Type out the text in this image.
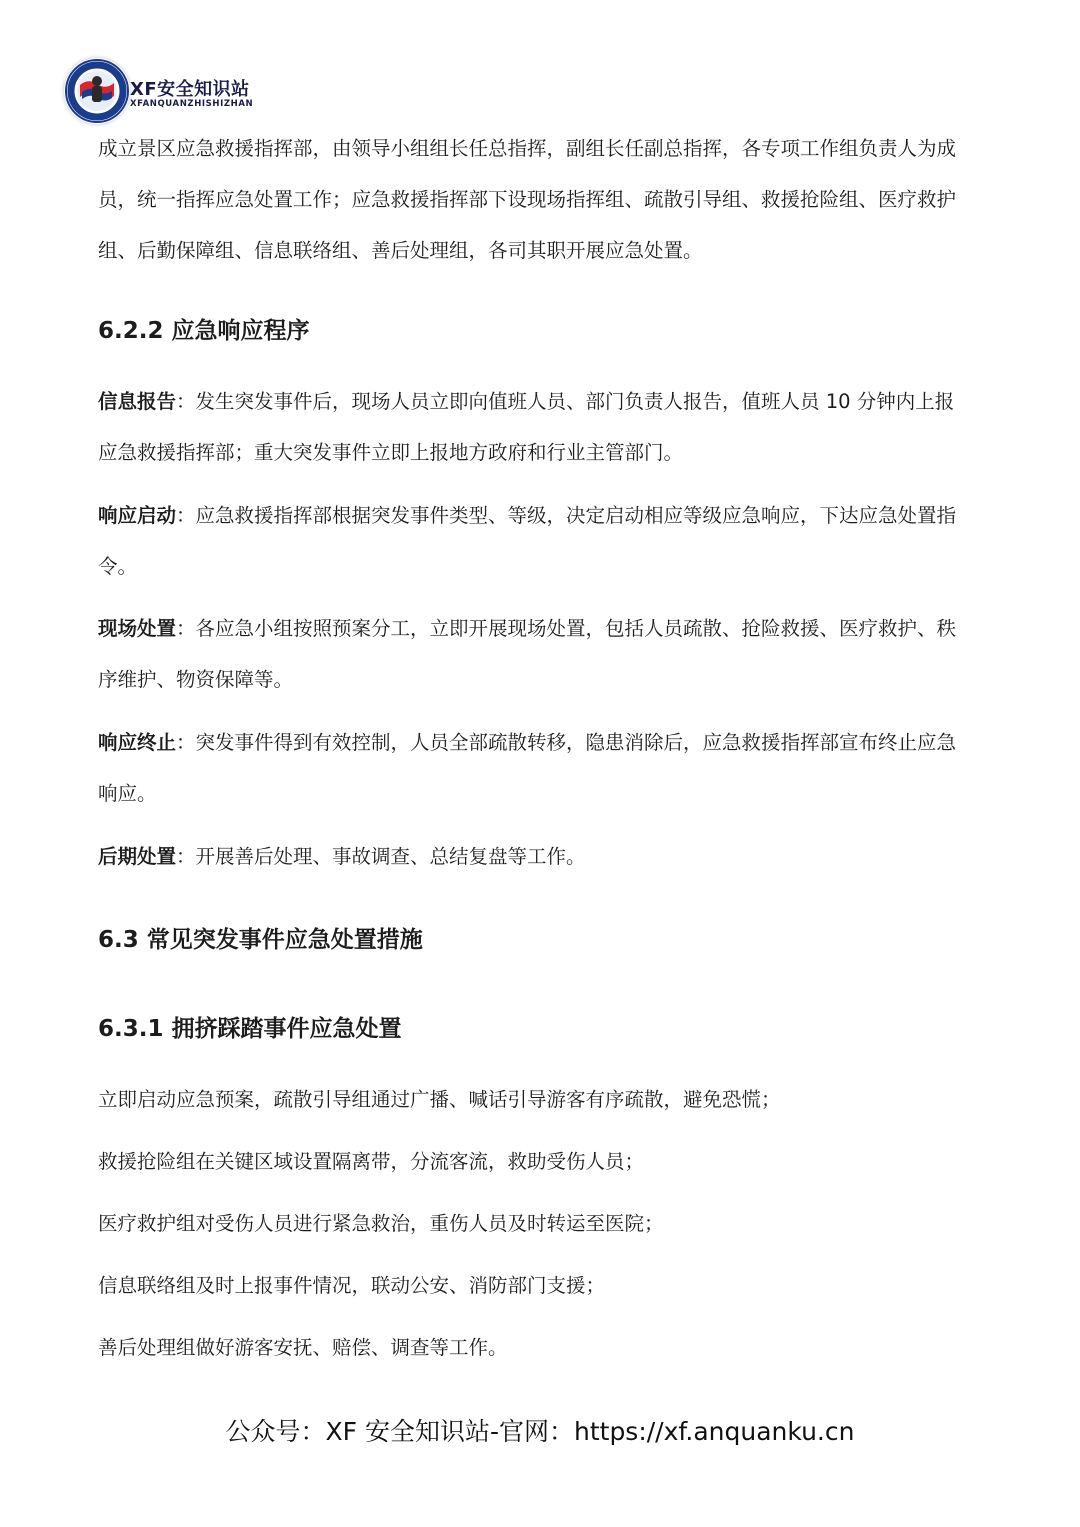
XF安全知识站
XFANQUANZHISHIZHAN

成立景区应急救援指挥部，由领导小组组长任总指挥，副组长任副总指挥，各专项工作组负责人为成

员，统一指挥应急处置工作；应急救援指挥部下设现场指挥组、疏散引导组、救援抢险组、医疗救护

组、后勤保障组、信息联络组、善后处理组，各司其职开展应急处置。

6.2.2 应急响应程序

信息报告：发生突发事件后，现场人员立即向值班人员、部门负责人报告，值班人员 10 分钟内上报

应急救援指挥部；重大突发事件立即上报地方政府和行业主管部门。

响应启动：应急救援指挥部根据突发事件类型、等级，决定启动相应等级应急响应，下达应急处置指

令。

现场处置：各应急小组按照预案分工，立即开展现场处置，包括人员疏散、抢险救援、医疗救护、秩

序维护、物资保障等。

响应终止：突发事件得到有效控制，人员全部疏散转移，隐患消除后，应急救援指挥部宣布终止应急

响应。

后期处置：开展善后处理、事故调查、总结复盘等工作。

6.3 常见突发事件应急处置措施
6.3.1 拥挤踩踏事件应急处置

立即启动应急预案，疏散引导组通过广播、喊话引导游客有序疏散，避免恐慌；

救援抢险组在关键区域设置隔离带，分流客流，救助受伤人员；

医疗救护组对受伤人员进行紧急救治，重伤人员及时转运至医院；

信息联络组及时上报事件情况，联动公安、消防部门支援；

善后处理组做好游客安抚、赔偿、调查等工作。

公众号：XF 安全知识站-官网：https://xf.anquanku.cn
